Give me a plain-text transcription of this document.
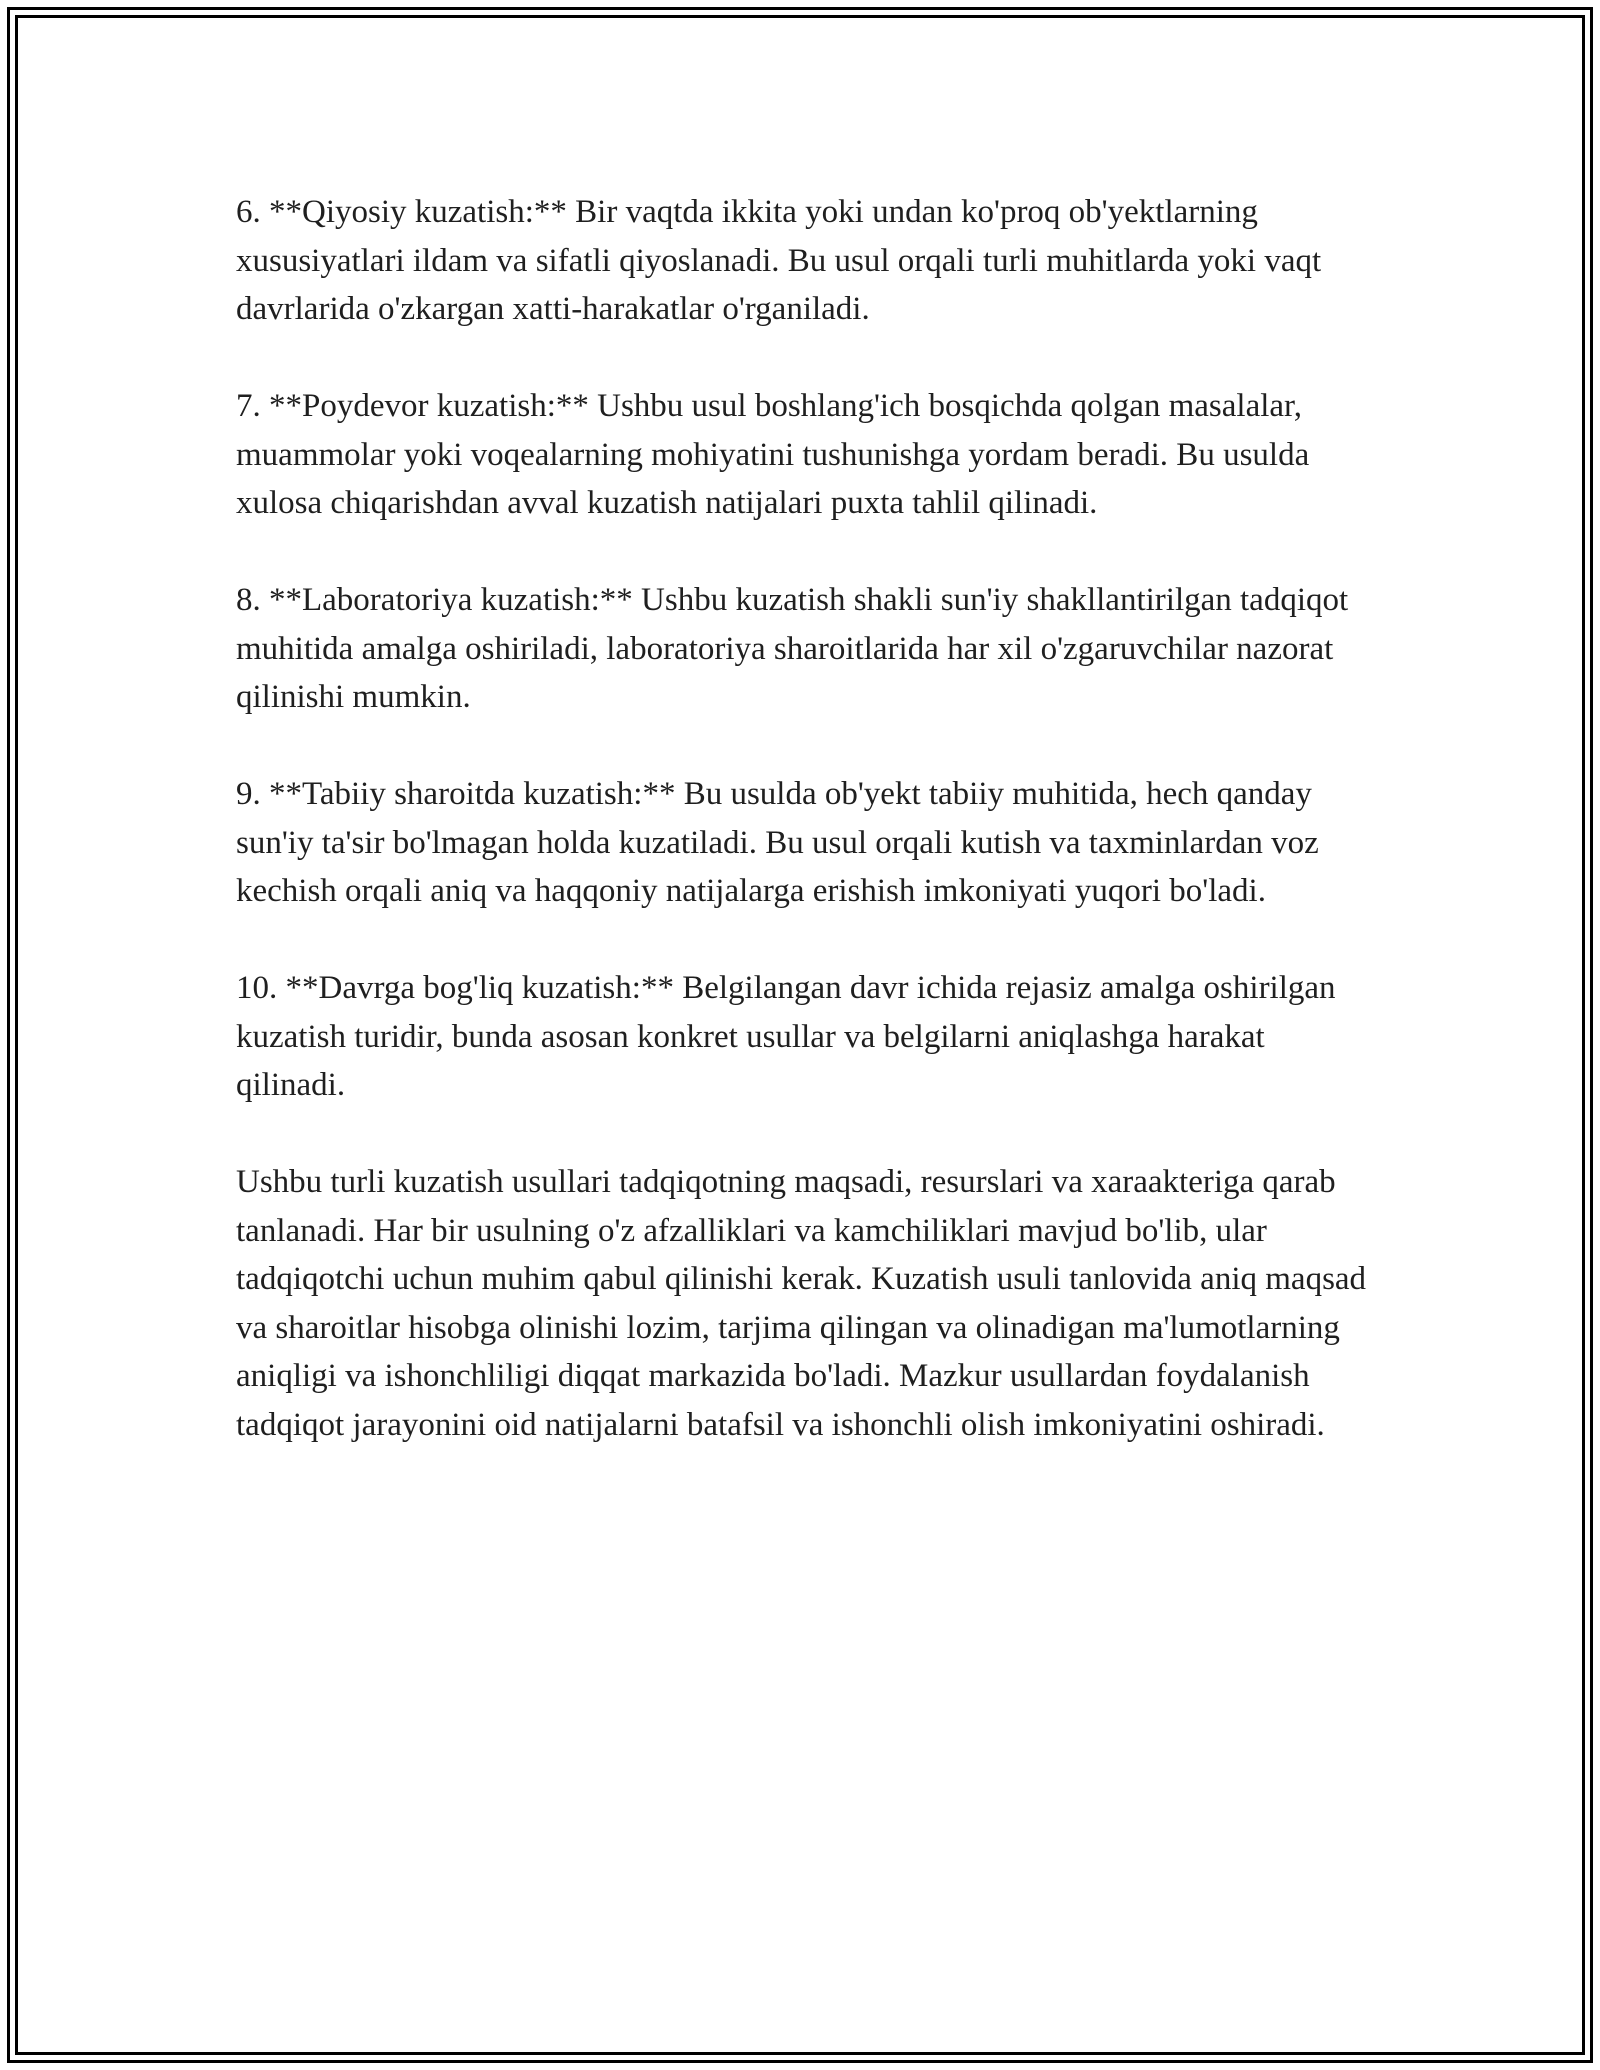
6. **Qiyosiy kuzatish:** Bir vaqtda ikkita yoki undan ko'proq ob'yektlarning xususiyatlari ildam va sifatli qiyoslanadi. Bu usul orqali turli muhitlarda yoki vaqt davrlarida o'zkargan xatti-harakatlar o'rganiladi.

7. **Poydevor kuzatish:** Ushbu usul boshlang'ich bosqichda qolgan masalalar, muammolar yoki voqealarning mohiyatini tushunishga yordam beradi. Bu usulda xulosa chiqarishdan avval kuzatish natijalari puxta tahlil qilinadi.

8. **Laboratoriya kuzatish:** Ushbu kuzatish shakli sun'iy shakllantirilgan tadqiqot muhitida amalga oshiriladi, laboratoriya sharoitlarida har xil o'zgaruvchilar nazorat qilinishi mumkin.

9. **Tabiiy sharoitda kuzatish:** Bu usulda ob'yekt tabiiy muhitida, hech qanday sun'iy ta'sir bo'lmagan holda kuzatiladi. Bu usul orqali kutish va taxminlardan voz kechish orqali aniq va haqqoniy natijalarga erishish imkoniyati yuqori bo'ladi.

10. **Davrga bog'liq kuzatish:** Belgilangan davr ichida rejasiz amalga oshirilgan kuzatish turidir, bunda asosan konkret usullar va belgilarni aniqlashga harakat qilinadi.

Ushbu turli kuzatish usullari tadqiqotning maqsadi, resurslari va xaraakteriga qarab tanlanadi. Har bir usulning o'z afzalliklari va kamchiliklari mavjud bo'lib, ular tadqiqotchi uchun muhim qabul qilinishi kerak. Kuzatish usuli tanlovida aniq maqsad va sharoitlar hisobga olinishi lozim, tarjima qilingan va olinadigan ma'lumotlarning aniqligi va ishonchliligi diqqat markazida bo'ladi. Mazkur usullardan foydalanish tadqiqot jarayonini oid natijalarni batafsil va ishonchli olish imkoniyatini oshiradi.
